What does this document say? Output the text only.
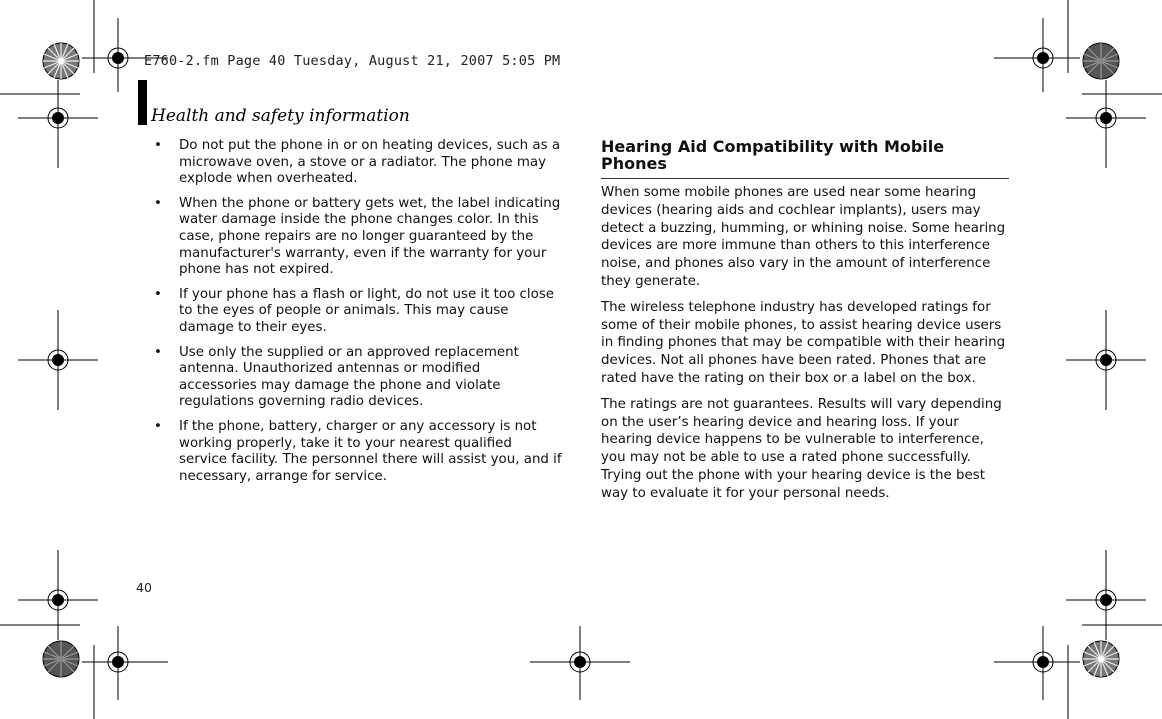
E760-2.fm Page 40 Tuesday, August 21, 2007 5:05 PM
Health and safety information
• Do not put the phone in or on heating devices, such as a microwave oven, a stove or a radiator. The phone may explode when overheated.
• When the phone or battery gets wet, the label indicating water damage inside the phone changes color. In this case, phone repairs are no longer guaranteed by the manufacturer's warranty, even if the warranty for your phone has not expired.
• If your phone has a flash or light, do not use it too close to the eyes of people or animals. This may cause damage to their eyes.
• Use only the supplied or an approved replacement antenna. Unauthorized antennas or modified accessories may damage the phone and violate regulations governing radio devices.
• If the phone, battery, charger or any accessory is not working properly, take it to your nearest qualified service facility. The personnel there will assist you, and if necessary, arrange for service.
Hearing Aid Compatibility with Mobile Phones

When some mobile phones are used near some hearing devices (hearing aids and cochlear implants), users may detect a buzzing, humming, or whining noise. Some hearing devices are more immune than others to this interference noise, and phones also vary in the amount of interference they generate.

The wireless telephone industry has developed ratings for some of their mobile phones, to assist hearing device users in finding phones that may be compatible with their hearing devices. Not all phones have been rated. Phones that are rated have the rating on their box or a label on the box.

The ratings are not guarantees. Results will vary depending on the user’s hearing device and hearing loss. If your hearing device happens to be vulnerable to interference, you may not be able to use a rated phone successfully. Trying out the phone with your hearing device is the best way to evaluate it for your personal needs.

40
